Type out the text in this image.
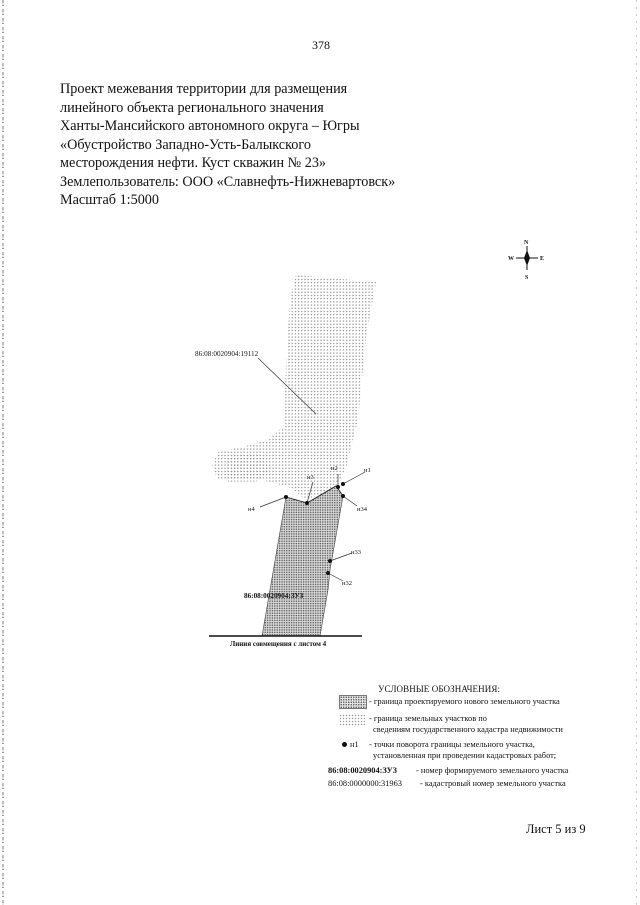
378
Проект межевания территории для размещения
линейного объекта регионального значения
Ханты-Мансийского автономного округа – Югры
«Обустройство Западно-Усть-Балыкского
месторождения нефти. Куст скважин № 23»
Землепользователь: ООО «Славнефть-Нижневартовск»
Масштаб 1:5000
N
S
W	E
86:08:0020904:19112
н1
н2
н3
н4	н34
н33
н32
86:08:0020904:ЗУ3
Линия совмещения с листом 4
УСЛОВНЫЕ ОБОЗНАЧЕНИЯ:
- граница проектируемого нового земельного участка
- граница земельных участков по
сведениям государственного кадастра недвижимости
н1 - точки поворота границы земельного участка,
установленная при проведении кадастровых работ;
86:08:0020904:ЗУ3 - номер формируемого земельного участка
86:08:0000000:31963 - кадастровый номер земельного участка
Лист 5 из 9
